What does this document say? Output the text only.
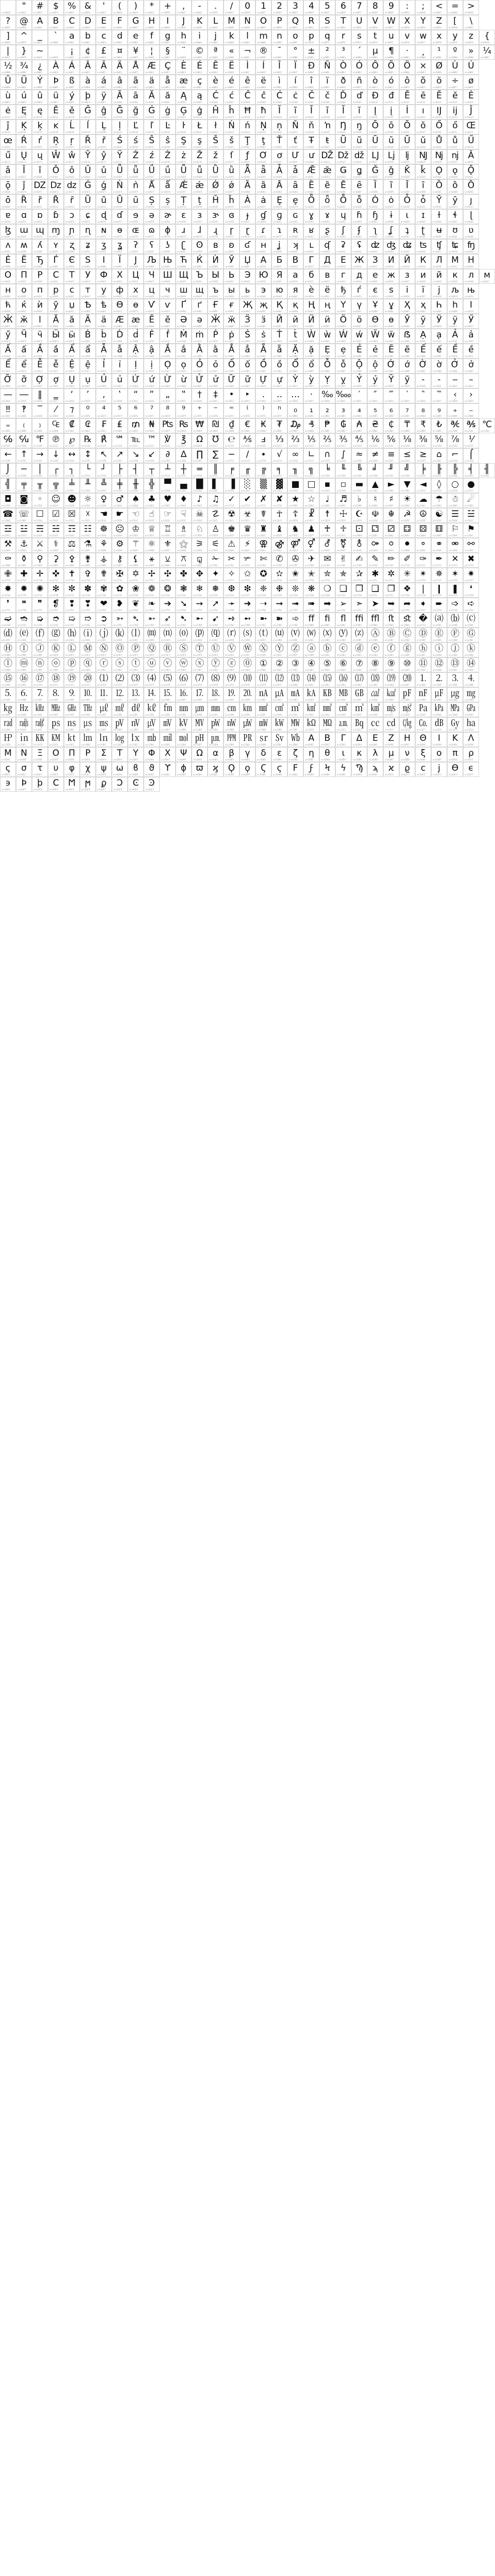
uni0020
"
uni0022
#
uni0023
$
uni0024
%
uni0025
&
uni0026
'
uni0027
(
uni0028
)
uni0029
*
uni002A
+
uni002B
,
uni002C
-
uni002D
.
uni002E
/
uni002F
0
uni0030
1
uni0031
2
uni0032
3
uni0033
4
uni0034
5
uni0035
6
uni0036
7
uni0037
8
uni0038
9
uni0039
:
uni003A
;
uni003B
<
uni003C
=
uni003D
>
uni003E
?
uni003F
@
uni0040
A
uni0041
B
uni0042
C
uni0043
D
uni0044
E
uni0045
F
uni0046
G
uni0047
H
uni0048
I
uni0049
J
uni004A
K
uni004B
L
uni004C
M
uni004D
N
uni004E
O
uni004F
P
uni0050
Q
uni0051
R
uni0052
S
uni0053
T
uni0054
U
uni0055
V
uni0056
W
uni0057
X
uni0058
Y
uni0059
Z
uni005A
[
uni005B
\
uni005C
]
uni005D
^
uni005E
_
uni005F
`
uni0060
a
uni0061
b
uni0062
c
uni0063
d
uni0064
e
uni0065
f
uni0066
g
uni0067
h
uni0068
i
uni0069
j
uni006A
k
uni006B
l
uni006C
m
uni006D
n
uni006E
o
uni006F
p
uni0070
q
uni0071
r
uni0072
s
uni0073
t
uni0074
u
uni0075
v
uni0076
w
uni0077
x
uni0078
y
uni0079
z
uni007A
{
uni007B
|
uni007C
}
uni007D
~
uni007E	uni0020
¡
uni00A1
¢
uni00A2
£
uni00A3
¤
uni00A4
¥
uni00A5
¦
uni00A6
§
uni00A7
¨
uni00A8
©
uni00A9
ª
uni00AA
«
uni00AB
¬
uni00AC
®
uni00AE
¯
uni00AF
°
uni00B0
±
uni00B1
²
uni00B2
³
uni00B3
´
uni00B4
µ
uni00B5
¶
uni00B6
·
uni00B7
¸
uni00B8
¹
uni00B9
º
uni00BA
»
uni00BB
¼
uni00BC
½
uni00BD
¾
uni00BE
¿
uni00BF
À
uni00C0
Á
uni00C1
Â
uni00C2
Ã
uni00C3
Ä
uni00C4
Å
uni00C5
Æ
uni00C6
Ç
uni00C7
È
uni00C8
É
uni00C9
Ê
uni00CA
Ë
uni00CB
Ì
uni00CC
Í
uni00CD
Î
uni00CE
Ï
uni00CF
Ð
uni00D0
Ñ
uni00D1
Ò
uni00D2
Ó
uni00D3
Ô
uni00D4
Õ
uni00D5
Ö
uni00D6
×
uni00D7
Ø
uni00D8
Ù
uni00D9
Ú
uni00DA
Û
uni00DB
Ü
uni00DC
Ý
uni00DD
Þ
uni00DE
ß
uni00DF
à
uni00E0
á
uni00E1
â
uni00E2
ã
uni00E3
ä
uni00E4
å
uni00E5
æ
uni00E6
ç
uni00E7
è
uni00E8
é
uni00E9
ê
uni00EA
ë
uni00EB
ì
uni00EC
í
uni00ED
î
uni00EE
ï
uni00EF
ð
uni00F0
ñ
uni00F1
ò
uni00F2
ó
uni00F3
ô
uni00F4
õ
uni00F5
ö
uni00F6
÷
uni00F7
ø
uni00F8
ù
uni00F9
ú
uni00FA
û
uni00FB
ü
uni00FC
ý
uni00FD
þ
uni00FE
ÿ
uni00FF
Ā
uni0100
ā
uni0101
Ă
uni0102
ă
uni0103
Ą
uni0104
ą
uni0105
Ć
uni0106
ć
uni0107
Ĉ
uni0108
ĉ
uni0109
Ċ
uni010A
ċ
uni010B
Č
uni010C
č
uni010D
Ď
uni010E
ď
uni010F
Đ
uni0110
đ
uni0111
Ē
uni0112
ē
uni0113
Ĕ
uni0114
ĕ
uni0115
Ė
uni0116
ė
uni0117
Ę
uni0118
ę
uni0119
Ě
uni011A
ě
uni011B
Ĝ
uni011C
ĝ
uni011D
Ğ
uni011E
ğ
uni011F
Ġ
uni0120
ġ
uni0121
Ģ
uni0122
ģ
uni0123
Ĥ
uni0124
ĥ
uni0125
Ħ
uni0126
ħ
uni0127
Ĩ
uni0128
ĩ
uni0129
Ī
uni012A
ī
uni012B
Ĭ
uni012C
ĭ
uni012D
Į
uni012E
į
uni012F
İ
uni0130
ı
uni0131
Ĳ
uni0132
ĳ
uni0133
Ĵ
uni0134
ĵ
uni0135
Ķ
uni0136
ķ
uni0137
ĸ
uni0138
Ĺ
uni0139
ĺ
uni013A
Ļ
uni013B
ļ
uni013C
Ľ
uni013D
ľ
uni013E
Ŀ
uni013F
ŀ
uni0140
Ł
uni0141
ł
uni0142
Ń
uni0143
ń
uni0144
Ņ
uni0145
ņ
uni0146
Ň
uni0147
ň
uni0148
ŉ
uni0149
Ŋ
uni014A
ŋ
uni014B
Ō
uni014C
ō
uni014D
Ŏ
uni014E
ŏ
uni014F
Ő
uni0150
ő
uni0151
Œ
uni0152
œ
uni0153
Ŕ
uni0154
ŕ
uni0155
Ŗ
uni0156
ŗ
uni0157
Ř
uni0158
ř
uni0159
Ś
uni015A
ś
uni015B
Ŝ
uni015C
ŝ
uni015D
Ş
uni015E
ş
uni015F
Š
uni0160
š
uni0161
Ţ
uni0162
ţ
uni0163
Ť
uni0164
ť
uni0165
Ŧ
uni0166
ŧ
uni0167
Ũ
uni0168
ũ
uni0169
Ū
uni016A
ū
uni016B
Ŭ
uni016C
ŭ
uni016D
Ů
uni016E
ů
uni016F
Ű
uni0170
ű
uni0171
Ų
uni0172
ų
uni0173
Ŵ
uni0174
ŵ
uni0175
Ŷ
uni0176
ŷ
uni0177
Ÿ
uni0178
Ź
uni0179
ź
uni017A
Ż
uni017B
ż
uni017C
Ž
uni017D
ž
uni017E
ſ
uni017F
ƒ
uni0192
Ơ
uni01A0
ơ
uni01A1
Ư
uni01AF
ư
uni01B0
Ǆ
uni01C4
ǅ
uni01C5
ǆ
uni01C6
Ǉ
uni01C7
ǈ
uni01C8
ǉ
uni01C9
Ǌ
uni01CA
ǋ
uni01CB
ǌ
uni01CC
Ǎ
uni01CD
ǎ
uni01CE
Ǐ
uni01CF
ǐ
uni01D0
Ǒ
uni01D1
ǒ
uni01D2
Ǔ
uni01D3
ǔ
uni01D4
Ǖ
uni01D5
ǖ
uni01D6
Ǘ
uni01D7
ǘ
uni01D8
Ǚ
uni01D9
ǚ
uni01DA
Ǜ
uni01DB
ǜ
uni01DC
Ǟ
uni01DE
ǟ
uni01DF
Ǡ
uni01E0
ǡ
uni01E1
Ǣ
uni01E2
ǣ
uni01E3
Ǥ
uni01E4
ǥ
uni01E5
Ǧ
uni01E6
ǧ
uni01E7
Ǩ
uni01E8
ǩ
uni01E9
Ǫ
uni01EA
ǫ
uni01EB
Ǭ
uni01EC
ǭ
uni01ED
ǰ
uni01F0
Ǳ
uni01F1
ǲ
uni01F2
ǳ
uni01F3
Ǵ
uni01F4
ǵ
uni01F5
Ǹ
uni01F8
ǹ
uni01F9
Ǻ
uni01FA
ǻ
uni01FB
Ǽ
uni01FC
ǽ
uni01FD
Ǿ
uni01FE
ǿ
uni01FF
Ȁ
uni0200
ȁ
uni0201
Ȃ
uni0202
ȃ
uni0203
Ȅ
uni0204
ȅ
uni0205
Ȇ
uni0206
ȇ
uni0207
Ȉ
uni0208
ȉ
uni0209
Ȋ
uni020A
ȋ
uni020B
Ȍ
uni020C
ȍ
uni020D
Ȏ
uni020E
ȏ
uni020F
Ȑ
uni0210
ȑ
uni0211
Ȓ
uni0212
ȓ
uni0213
Ȕ
uni0214
ȕ
uni0215
Ȗ
uni0216
ȗ
uni0217
Ș
uni0218
ș
uni0219
Ț
uni021A
ț
uni021B
Ȟ
uni021E
ȟ
uni021F
Ȧ
uni0226
ȧ
uni0227
Ȩ
uni0228
ȩ
uni0229
Ȫ
uni022A
ȫ
uni022B
Ȭ
uni022C
ȭ
uni022D
Ȯ
uni022E
ȯ
uni022F
Ȱ
uni0230
ȱ
uni0231
Ȳ
uni0232
ȳ
uni0233
ȷ
uni0237
ɐ
uni0250
ɑ
uni0251
ɒ
uni0252
ɓ
uni0253
ɔ
uni0254
ɕ
uni0255
ɖ
uni0256
ɗ
uni0257
ɘ
uni0258
ə
uni0259
ɚ
uni025A
ɛ
uni025B
ɜ
uni025C
ɝ
uni025D
ɞ
uni025E
ɟ
uni025F
ɠ
uni0260
ɡ
uni0261
ɢ
uni0262
ɣ
uni0263
ɤ
uni0264
ɥ
uni0265
ɦ
uni0266
ɧ
uni0267
ɨ
uni0268
ɩ
uni0269
ɪ
uni026A
ɫ
uni026B
ɬ
uni026C
ɭ
uni026D
ɮ
uni026E
ɯ
uni026F
ɰ
uni0270
ɱ
uni0271
ɲ
uni0272
ɳ
uni0273
ɴ
uni0274
ɵ
uni0275
ɶ
uni0276
ɷ
uni0277
ɸ
uni0278
ɹ
uni0279
ɺ
uni027A
ɻ
uni027B
ɼ
uni027C
ɽ
uni027D
ɾ
uni027E
ɿ
uni027F
ʀ
uni0280
ʁ
uni0281
ʂ
uni0282
ʃ
uni0283
ʄ
uni0284
ʅ
uni0285
ʆ
uni0286
ʇ
uni0287
ʈ
uni0288
ʉ
uni0289
ʊ
uni028A
ʋ
uni028B
ʌ
uni028C
ʍ
uni028D
ʎ
uni028E
ʏ
uni028F
ʐ
uni0290
ʑ
uni0291
ʒ
uni0292
ʓ
uni0293
ʔ
uni0294
ʕ
uni0295
ʖ
uni0296
ʗ
uni0297
ʘ
uni0298
ʙ
uni0299
ʚ
uni029A
ʛ
uni029B
ʜ
uni029C
ʝ
uni029D
ʞ
uni029E
ʟ
uni029F
ʠ
uni02A0
ʡ
uni02A1
ʢ
uni02A2
ʣ
uni02A3
ʤ
uni02A4
ʥ
uni02A5
ʦ
uni02A6
ʧ
uni02A7
ʨ
uni02A8
ʩ
uni02A9
Ѐ
uni0400
Ё
uni0401
Ђ
uni0402
Ѓ
uni0403
Є
uni0404
Ѕ
uni0405
І
uni0406
Ї
uni0407
Ј
uni0408
Љ
uni0409
Њ
uni040A
Ћ
uni040B
Ќ
uni040C
Ѝ
uni040D
Ў
uni040E
Џ
uni040F
А
uni0410
Б
uni0411
В
uni0412
Г
uni0413
Д
uni0414
Е
uni0415
Ж
uni0416
З
uni0417
И
uni0418
Й
uni0419
К
uni041A
Л
uni041B
М
uni041C
Н
uni041D
О
uni041E
П
uni041F
Р
uni0420
С
uni0421
Т
uni0422
У
uni0423
Ф
uni0424
Х
uni0425
Ц
uni0426
Ч
uni0427
Ш
uni0428
Щ
uni0429
Ъ
uni042A
Ы
uni042B
Ь
uni042C
Э
uni042D
Ю
uni042E
Я
uni042F
а
uni0430
б
uni0431
в
uni0432
г
uni0433
д
uni0434
е
uni0435
ж
uni0436
з
uni0437
и
uni0438
й
uni0439
к
uni043A
л
uni043B
м
uni043C
н
uni043D
о
uni043E
п
uni043F
р
uni0440
с
uni0441
т
uni0442
у
uni0443
ф
uni0444
х
uni0445
ц
uni0446
ч
uni0447
ш
uni0448
щ
uni0449
ъ
uni044A
ы
uni044B
ь
uni044C
э
uni044D
ю
uni044E
я
uni044F
ѐ
uni0450
ё
uni0451
ђ
uni0452
ѓ
uni0453
є
uni0454
ѕ
uni0455
і
uni0456
ї
uni0457
ј
uni0458
љ
uni0459
њ
uni045A
ћ
uni045B
ќ
uni045C
ѝ
uni045D
ў
uni045E
џ
uni045F
Ѣ
uni0462
ѣ
uni0463
Ѳ
uni0472
ѳ
uni0473
Ѵ
uni0474
ѵ
uni0475
Ґ
uni0490
ґ
uni0491
Ғ
uni0492
ғ
uni0493
Җ
uni0496
җ
uni0497
Қ
uni049A
қ
uni049B
Ң
uni04A2
ң
uni04A3
Ү
uni04AE
ү
uni04AF
Ұ
uni04B0
ұ
uni04B1
Ҳ
uni04B2
ҳ
uni04B3
Һ
uni04BA
һ
uni04BB
Ӏ
uni04C0
Ӂ
uni04C1
ӂ
uni04C2
ӏ
uni04CF
Ӑ
uni04D0
ӑ
uni04D1
Ӓ
uni04D2
ӓ
uni04D3
Ӕ
uni04D4
ӕ
uni04D5
Ӗ
uni04D6
ӗ
uni04D7
Ә
uni04D8
ә
uni04D9
Ӝ
uni04DC
ӝ
uni04DD
Ӟ
uni04DE
ӟ
uni04DF
Ӣ
uni04E2
ӣ
uni04E3
Ӥ
uni04E4
ӥ
uni04E5
Ӧ
uni04E6
ӧ
uni04E7
Ө
uni04E8
ө
uni04E9
Ӯ
uni04EE
ӯ
uni04EF
Ӱ
uni04F0
ӱ
uni04F1
Ӳ
uni04F2
ӳ
uni04F3
Ӵ
uni04F4
ӵ
uni04F5
Ӹ
uni04F8
ӹ
uni04F9
Ḃ
uni1E02
ḃ
uni1E03
Ḋ
uni1E0A
ḋ
uni1E0B
Ḟ
uni1E1E
ḟ
uni1E1F
Ṁ
uni1E40
ṁ
uni1E41
Ṗ
uni1E56
ṗ
uni1E57
Ṡ
uni1E60
ṡ
uni1E61
Ṫ
uni1E6A
ṫ
uni1E6B
Ẁ
uni1E80
ẁ
uni1E81
Ẃ
uni1E82
ẃ
uni1E83
Ẅ
uni1E84
ẅ
uni1E85
ẞ
uni1E9E
Ạ
uni1EA0
ạ
uni1EA1
Ả
uni1EA2
ả
uni1EA3
Ấ
uni1EA4
ấ
uni1EA5
Ầ
uni1EA6
ầ
uni1EA7
Ẩ
uni1EA8
ẩ
uni1EA9
Ẫ
uni1EAA
ẫ
uni1EAB
Ậ
uni1EAC
ậ
uni1EAD
Ắ
uni1EAE
ắ
uni1EAF
Ằ
uni1EB0
ằ
uni1EB1
Ẳ
uni1EB2
ẳ
uni1EB3
Ẵ
uni1EB4
ẵ
uni1EB5
Ặ
uni1EB6
ặ
uni1EB7
Ẹ
uni1EB8
ẹ
uni1EB9
Ẻ
uni1EBA
ẻ
uni1EBB
Ẽ
uni1EBC
ẽ
uni1EBD
Ế
uni1EBE
ế
uni1EBF
Ề
uni1EC0
ề
uni1EC1
Ể
uni1EC2
ể
uni1EC3
Ễ
uni1EC4
ễ
uni1EC5
Ệ
uni1EC6
ệ
uni1EC7
Ỉ
uni1EC8
ỉ
uni1EC9
Ị
uni1ECA
ị
uni1ECB
Ọ
uni1ECC
ọ
uni1ECD
Ỏ
uni1ECE
ỏ
uni1ECF
Ố
uni1ED0
ố
uni1ED1
Ồ
uni1ED2
ồ
uni1ED3
Ổ
uni1ED4
ổ
uni1ED5
Ỗ
uni1ED6
ỗ
uni1ED7
Ộ
uni1ED8
ộ
uni1ED9
Ớ
uni1EDA
ớ
uni1EDB
Ờ
uni1EDC
ờ
uni1EDD
Ở
uni1EDE
ở
uni1EDF
Ỡ
uni1EE0
ỡ
uni1EE1
Ợ
uni1EE2
ợ
uni1EE3
Ụ
uni1EE4
ụ
uni1EE5
Ủ
uni1EE6
ủ
uni1EE7
Ứ
uni1EE8
ứ
uni1EE9
Ừ
uni1EEA
ừ
uni1EEB
Ử
uni1EEC
ử
uni1EED
Ữ
uni1EEE
ữ
uni1EEF
Ự
uni1EF0
ự
uni1EF1
Ỳ
uni1EF2
ỳ
uni1EF3
Ỵ
uni1EF4
ỵ
uni1EF5
Ỷ
uni1EF6
ỷ
uni1EF7
Ỹ
uni1EF8
ỹ
uni1EF9
‐
uni2010
‑
uni2011
‒
uni2012
–
uni2013
—
uni2014
―
uni2015
‖
uni2016
‗
uni2017
‘
uni2018
’
uni2019
‚
uni201A
‛
uni201B
“
uni201C
”
uni201D
„
uni201E
‟
uni201F
†
uni2020
‡
uni2021
•
uni2022
‣
uni2023
․
uni2024
‥
uni2025
…
uni2026
‧
uni2027
‰
uni2030
‱
uni2031
′
uni2032
″
uni2033
‴
uni2034
‵
uni2035
‶
uni2036
‷
uni2037
‹
uni2039
›
uni203A
‼
uni203C
‽
uni203D
‾
uni203E
⁄
uni2044
⁊
uni204A
⁰
uni2070
⁴
uni2074
⁵
uni2075
⁶
uni2076
⁷
uni2077
⁸
uni2078
⁹
uni2079
⁺
uni207A
⁻
uni207B
⁼
uni207C
⁽
uni207D
⁾
uni207E
ⁿ
uni207F
₀
uni2080
₁
uni2081
₂
uni2082
₃
uni2083
₄
uni2084
₅
uni2085
₆
uni2086
₇
uni2087
₈
uni2088
₉
uni2089
₊
uni208A
₋
uni208B
₌
uni208C
₍
uni208D
₎
uni208E
₠
uni20A0
₡
uni20A1
₢
uni20A2
₣
uni20A3
₤
uni20A4
₥
uni20A5
₦
uni20A6
₧
uni20A7
₨
uni20A8
₩
uni20A9
₪
uni20AA
₫
uni20AB
€
uni20AC
₭
uni20AD
₮
uni20AE
₯
uni20AF
₰
uni20B0
₱
uni20B1
₲
uni20B2
₳
uni20B3
₴
uni20B4
₵
uni20B5
₸
uni20B8
₹
uni20B9
₺
uni20BA
℀
uni2100
℁
uni2101
℃
uni2103
℅
uni2105
℆
uni2106
℉
uni2109
℗
uni2117
℘
uni2118
℞
uni211E
℟
uni211F
℠
uni2120
℡
uni2121
™
uni2122
℣
uni2123
℥
uni2125
Ω
uni03A9
℧
uni2127
℮
uni212E
⅍
uni214D
ⅎ
uni214E
⅓
uni2153
⅔
uni2154
⅕
uni2155
⅖
uni2156
⅗
uni2157
⅘
uni2158
⅙
uni2159
⅚
uni215A
⅛
uni215B
⅜
uni215C
⅝
uni215D
⅞
uni215E
⅟
uni215F
←
uni2190
↑
uni2191
→
uni2192
↓
uni2193
↔
uni2194
↕
uni2195
↖
uni2196
↗
uni2197
↘
uni2198
↙
uni2199
∂
uni2202
∆
uni2206
∏
uni220F
∑
uni2211
−
uni2212
∕
uni2215
∙
uni2219
√
uni221A
∞
uni221E
∟
uni221F
∩
uni2229
∫
uni222B
≈
uni2248
≠
uni2260
≡
uni2261
≤
uni2264
≥
uni2265
⌂
uni2302
⌐
uni2310
⌠
uni2320
⌡
uni2321
─
uni2500
│
uni2502
┌
uni250C
┐
uni2510
└
uni2514
┘
uni2518
├
uni251C
┤
uni2524
┬
uni252C
┴
uni2534
┼
uni253C
═
uni2550
║
uni2551
╒
uni2552
╓
uni2553
╔
uni2554
╕
uni2555
╖
uni2556
╗
uni2557
╘
uni2558
╙
uni2559
╚
uni255A
╛
uni255B
╜
uni255C
╝
uni255D
╞
uni255E
╟
uni255F
╠
uni2560
╡
uni2561
╢
uni2562
╣
uni2563
╤
uni2564
╥
uni2565
╦
uni2566
╧
uni2567
╨
uni2568
╩
uni2569
╪
uni256A
╫
uni256B
╬
uni256C
▀
uni2580
▄
uni2584
█
uni2588
▌
uni258C
▐
uni2590
░
uni2591
▒
uni2592
▓
uni2593
■
uni25A0
□
uni25A1
▪
uni25AA
▫
uni25AB
▬
uni25AC
▲
uni25B2
►
uni25BA
▼
uni25BC
◄
uni25C4
◊
uni25CA
○
uni25CB
●
uni25CF
◘
uni25D8
◙
uni25D9
◦
uni25E6
☺
uni263A
☻
uni263B
☼
uni263C
♀
uni2640
♂
uni2642
♠
uni2660
♣
uni2663
♥
uni2665
♦
uni2666
♪
uni266A
♫
uni266B
✓
uni2713
✔
uni2714
✗
uni2717
✘
uni2718
★
uni2605
☆
uni2606
♩
uni2669
♬
uni266C
♭
uni266D
♮
uni266E
♯
uni266F
☀
uni2600
☁
uni2601
☂
uni2602
☃
uni2603
☄
uni2604
☎
uni260E
☏
uni260F
☐
uni2610
☑
uni2611
☒
uni2612
☓
uni2613
☚
uni261A
☛
uni261B
☜
uni261C
☝
uni261D
☞
uni261E
☟
uni261F
☠
uni2620
☡
uni2621
☢
uni2622
☣
uni2623
☤
uni2624
☥
uni2625
☦
uni2626
☧
uni2627
☨
uni2628
☩
uni2629
☪
uni262A
☫
uni262B
☬
uni262C
☭
uni262D
☮
uni262E
☯
uni262F
☰
uni2630
☱
uni2631
☲
uni2632
☳
uni2633
☴
uni2634
☵
uni2635
☶
uni2636
☷
uni2637
☸
uni2638
☹
uni2639
♔
uni2654
♕
uni2655
♖
uni2656
♗
uni2657
♘
uni2658
♙
uni2659
♚
uni265A
♛
uni265B
♜
uni265C
♝
uni265D
♞
uni265E
♟
uni265F
♰
uni2670
♱
uni2671
⚀
uni2680
⚁
uni2681
⚂
uni2682
⚃
uni2683
⚄
uni2684
⚅
uni2685
⚐
uni2690
⚑
uni2691
⚒
uni2692
⚓
uni2693
⚔
uni2694
⚕
uni2695
⚖
uni2696
⚗
uni2697
⚘
uni2698
⚙
uni2699
⚚
uni269A
⚛
uni269B
⚜
uni269C
⚝
uni269D
⚞
uni269E
⚟
uni269F
⚠
uni26A0
⚡
uni26A1
⚢
uni26A2
⚣
uni26A3
⚤
uni26A4
⚥
uni26A5
⚦
uni26A6
⚧
uni26A7
⚨
uni26A8
⚩
uni26A9
⚪
uni26AA
⚫
uni26AB
⚬
uni26AC
⚭
uni26AD
⚮
uni26AE
⚯
uni26AF
⚰
uni26B0
⚱
uni26B1
⚲
uni26B2
⚳
uni26B3
⚴
uni26B4
⚵
uni26B5
⚶
uni26B6
⚷
uni26B7
⚸
uni26B8
⚹
uni26B9
⚺
uni26BA
⚻
uni26BB
⚼
uni26BC
✁
uni2701
✂
uni2702
✃
uni2703
✄
uni2704
✆
uni2706
✇
uni2707
✈
uni2708
✉
uni2709
✌
uni270C
✍
uni270D
✎
uni270E
✏
uni270F
✐
uni2710
✑
uni2711
✒
uni2712
✕
uni2715
✖
uni2716
✙
uni2719
✚
uni271A
✛
uni271B
✜
uni271C
✝
uni271D
✞
uni271E
✟
uni271F
✠
uni2720
✡
uni2721
✢
uni2722
✣
uni2723
✤
uni2724
✥
uni2725
✦
uni2726
✧
uni2727
✩
uni2729
✪
uni272A
✫
uni272B
✬
uni272C
✭
uni272D
✮
uni272E
✯
uni272F
✰
uni2730
✱
uni2731
✲
uni2732
✳
uni2733
✴
uni2734
✵
uni2735
✶
uni2736
✷
uni2737
✸
uni2738
✹
uni2739
✺
uni273A
✻
uni273B
✼
uni273C
✽
uni273D
✾
uni273E
✿
uni273F
❀
uni2740
❁
uni2741
❂
uni2742
❃
uni2743
❄
uni2744
❅
uni2745
❆
uni2746
❇
uni2747
❈
uni2748
❉
uni2749
❊
uni274A
❋
uni274B
❍
uni274D
❏
uni274F
❐
uni2750
❑
uni2751
❒
uni2752
❖
uni2756
❘
uni2758
❙
uni2759
❚
uni275A
❛
uni275B
❜
uni275C
❝
uni275D
❞
uni275E
❡
uni2761
❢
uni2762
❣
uni2763
❤
uni2764
❥
uni2765
❦
uni2766
❧
uni2767
➔
uni2794
➘
uni2798
➙
uni2799
➚
uni279A
➛
uni279B
➜
uni279C
➝
uni279D
➞
uni279E
➟
uni279F
➠
uni27A0
➡
uni27A1
➢
uni27A2
➣
uni27A3
➤
uni27A4
➥
uni27A5
➦
uni27A6
➧
uni27A7
➨
uni27A8
➩
uni27A9
➪
uni27AA
➫
uni27AB
➬
uni27AC
➭
uni27AD
➮
uni27AE
➯
uni27AF
➱
uni27B1
➲
uni27B2
➳
uni27B3
➴
uni27B4
➵
uni27B5
➶
uni27B6
➷
uni27B7
➸
uni27B8
➹
uni27B9
➺
uni27BA
➻
uni27BB
➼
uni27BC
➽
uni27BD
➾
uni27BE
ﬀ
uniFB00
ﬁ
uniFB01
ﬂ
uniFB02
ﬃ
uniFB03
ﬄ
uniFB04
ﬅ
uniFB05
ﬆ
uniFB06
�
uniFFFD
⒜
uni249C
⒝
uni249D
⒞
uni249E
⒟
uni249F
⒠
uni24A0
⒡
uni24A1
⒢
uni24A2
⒣
uni24A3
⒤
uni24A4
⒥
uni24A5
⒦
uni24A6
⒧
uni24A7
⒨
uni24A8
⒩
uni24A9
⒪
uni24AA
⒫
uni24AB
⒬
uni24AC
⒭
uni24AD
⒮
uni24AE
⒯
uni24AF
⒰
uni24B0
⒱
uni24B1
⒲
uni24B2
⒳
uni24B3
⒴
uni24B4
⒵
uni24B5
Ⓐ
uni24B6
Ⓑ
uni24B7
Ⓒ
uni24B8
Ⓓ
uni24B9
Ⓔ
uni24BA
Ⓕ
uni24BB
Ⓖ
uni24BC
Ⓗ
uni24BD
Ⓘ
uni24BE
Ⓙ
uni24BF
Ⓚ
uni24C0
Ⓛ
uni24C1
Ⓜ
uni24C2
Ⓝ
uni24C3
Ⓞ
uni24C4
Ⓟ
uni24C5
Ⓠ
uni24C6
Ⓡ
uni24C7
Ⓢ
uni24C8
Ⓣ
uni24C9
Ⓤ
uni24CA
Ⓥ
uni24CB
Ⓦ
uni24CC
Ⓧ
uni24CD
Ⓨ
uni24CE
Ⓩ
uni24CF
ⓐ
uni24D0
ⓑ
uni24D1
ⓒ
uni24D2
ⓓ
uni24D3
ⓔ
uni24D4
ⓕ
uni24D5
ⓖ
uni24D6
ⓗ
uni24D7
ⓘ
uni24D8
ⓙ
uni24D9
ⓚ
uni24DA
ⓛ
uni24DB
ⓜ
uni24DC
ⓝ
uni24DD
ⓞ
uni24DE
ⓟ
uni24DF
ⓠ
uni24E0
ⓡ
uni24E1
ⓢ
uni24E2
ⓣ
uni24E3
ⓤ
uni24E4
ⓥ
uni24E5
ⓦ
uni24E6
ⓧ
uni24E7
ⓨ
uni24E8
ⓩ
uni24E9
⓪
uni24EA
①
uni2460
②
uni2461
③
uni2462
④
uni2463
⑤
uni2464
⑥
uni2465
⑦
uni2466
⑧
uni2467
⑨
uni2468
⑩
uni2469
⑪
uni246A
⑫
uni246B
⑬
uni246C
⑭
uni246D
⑮
uni246E
⑯
uni246F
⑰
uni2470
⑱
uni2471
⑲
uni2472
⑳
uni2473
⑴
uni2474
⑵
uni2475
⑶
uni2476
⑷
uni2477
⑸
uni2478
⑹
uni2479
⑺
uni247A
⑻
uni247B
⑼
uni247C
⑽
uni247D
⑾
uni247E
⑿
uni247F
⒀
uni2480
⒁
uni2481
⒂
uni2482
⒃
uni2483
⒄
uni2484
⒅
uni2485
⒆
uni2486
⒇
uni2487
⒈
uni2488
⒉
uni2489
⒊
uni248A
⒋
uni248B
⒌
uni248C
⒍
uni248D
⒎
uni248E
⒏
uni248F
⒐
uni2490
⒑
uni2491
⒒
uni2492
⒓
uni2493
⒔
uni2494
⒕
uni2495
⒖
uni2496
⒗
uni2497
⒘
uni2498
⒙
uni2499
⒚
uni249A
⒛
uni249B
㎁
uni3381
㎂
uni3382
㎃
uni3383
㎄
uni3384
㎅
uni3385
㎆
uni3386
㎇
uni3387
㎈
uni3388
㎉
uni3389
㎊
uni338A
㎋
uni338B
㎌
uni338C
㎍
uni338D
㎎
uni338E
㎏
uni338F
㎐
uni3390
㎑
uni3391
㎒
uni3392
㎓
uni3393
㎔
uni3394
㎕
uni3395
㎖
uni3396
㎗
uni3397
㎘
uni3398
㎙
uni3399
㎚
uni339A
㎛
uni339B
㎜
uni339C
㎝
uni339D
㎞
uni339E
㎟
uni339F
㎠
uni33A0
㎡
uni33A1
㎢
uni33A2
㎣
uni33A3
㎤
uni33A4
㎥
uni33A5
㎦
uni33A6
㎧
uni33A7
㎨
uni33A8
㎩
uni33A9
㎪
uni33AA
㎫
uni33AB
㎬
uni33AC
㎭
uni33AD
㎮
uni33AE
㎯
uni33AF
㎰
uni33B0
㎱
uni33B1
㎲
uni33B2
㎳
uni33B3
㎴
uni33B4
㎵
uni33B5
㎶
uni33B6
㎷
uni33B7
㎸
uni33B8
㎹
uni33B9
㎺
uni33BA
㎻
uni33BB
㎼
uni33BC
㎽
uni33BD
㎾
uni33BE
㎿
uni33BF
㏀
uni33C0
㏁
uni33C1
㏂
uni33C2
㏃
uni33C3
㏄
uni33C4
㏅
uni33C5
㏆
uni33C6
㏇
uni33C7
㏈
uni33C8
㏉
uni33C9
㏊
uni33CA
㏋
uni33CB
㏌
uni33CC
㏍
uni33CD
㏎
uni33CE
㏏
uni33CF
㏐
uni33D0
㏑
uni33D1
㏒
uni33D2
㏓
uni33D3
㏔
uni33D4
㏕
uni33D5
㏖
uni33D6
㏗
uni33D7
㏘
uni33D8
㏙
uni33D9
㏚
uni33DA
㏛
uni33DB
㏜
uni33DC
㏝
uni33DD
Α
uni0391
Β
uni0392
Γ
uni0393
Δ
uni0394
Ε
uni0395
Ζ
uni0396
Η
uni0397
Θ
uni0398
Ι
uni0399
Κ
uni039A
Λ
uni039B
Μ
uni039C
Ν
uni039D
Ξ
uni039E
Ο
uni039F
Π
uni03A0
Ρ
uni03A1
Σ
uni03A3
Τ
uni03A4
Υ
uni03A5
Φ
uni03A6
Χ
uni03A7
Ψ
uni03A8
Ω
uni03A9
α
uni03B1
β
uni03B2
γ
uni03B3
δ
uni03B4
ε
uni03B5
ζ
uni03B6
η
uni03B7
θ
uni03B8
ι
uni03B9
κ
uni03BA
λ
uni03BB
μ
uni03BC
ν
uni03BD
ξ
uni03BE
ο
uni03BF
π
uni03C0
ρ
uni03C1
ς
uni03C2
σ
uni03C3
τ
uni03C4
υ
uni03C5
φ
uni03C6
χ
uni03C7
ψ
uni03C8
ω
uni03C9
ϐ
uni03D0
ϑ
uni03D1
ϒ
uni03D2
ϕ
uni03D5
ϖ
uni03D6
ϗ
uni03D7
Ϙ
uni03D8
ϙ
uni03D9
Ϛ
uni03DA
ϛ
uni03DB
Ϝ
uni03DC
ϝ
uni03DD
Ϟ
uni03DE
ϟ
uni03DF
Ϡ
uni03E0
ϡ
uni03E1
ϰ
uni03F0
ϱ
uni03F1
ϲ
uni03F2
ϳ
uni03F3
ϴ
uni03F4
ϵ
uni03F5
϶
uni03F6
Ϸ
uni03F7
ϸ
uni03F8
Ϲ
uni03F9
Ϻ
uni03FA
ϻ
uni03FB
ϼ
uni03FC
Ͻ
uni03FD
Ͼ
uni03FE
Ͽ
uni03FF
